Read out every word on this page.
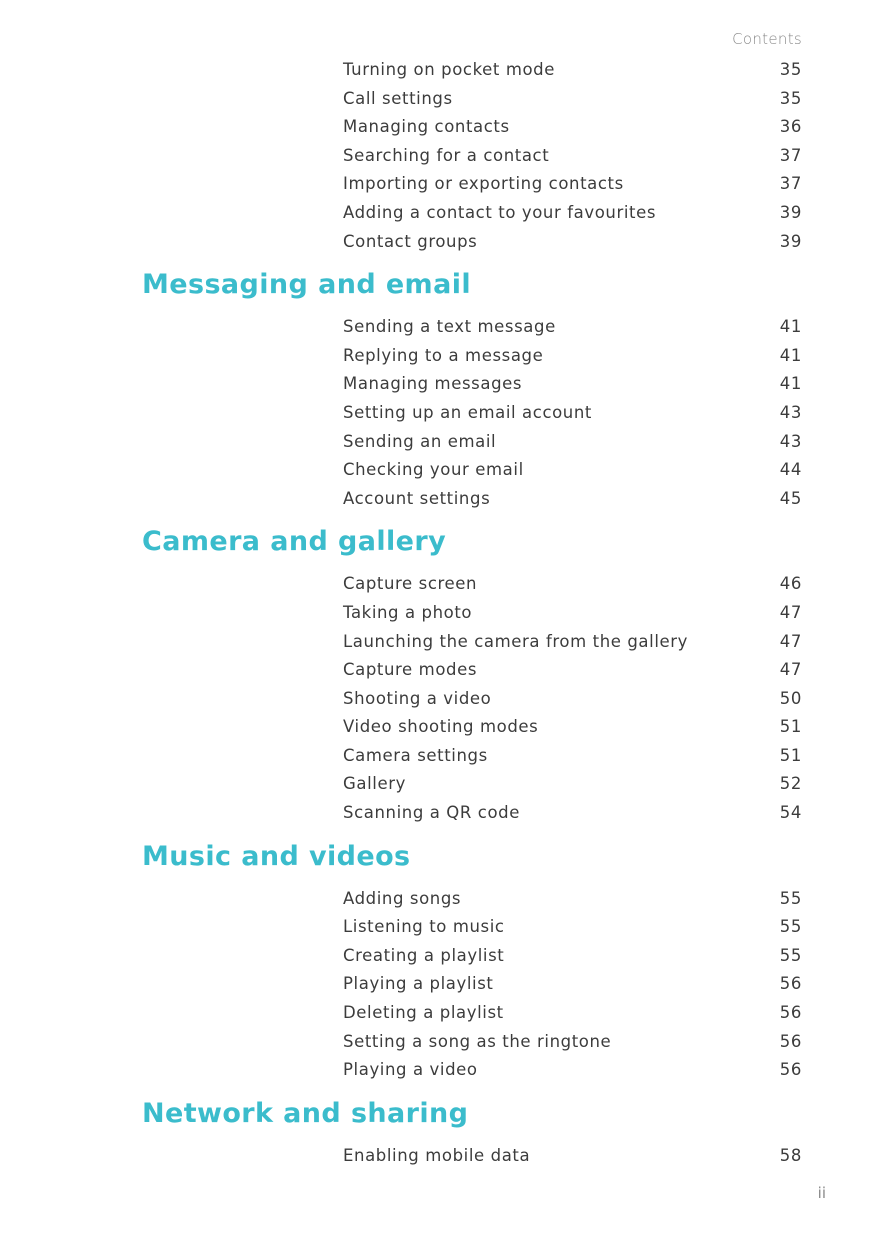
Contents
Turning on pocket mode	35
Call settings	35
Managing contacts	36
Searching for a contact	37
Importing or exporting contacts	37
Adding a contact to your favourites	39
Contact groups	39
Messaging and email
Sending a text message	41
Replying to a message	41
Managing messages	41
Setting up an email account	43
Sending an email	43
Checking your email	44
Account settings	45
Camera and gallery
Capture screen	46
Taking a photo	47
Launching the camera from the gallery	47
Capture modes	47
Shooting a video	50
Video shooting modes	51
Camera settings	51
Gallery	52
Scanning a QR code	54
Music and videos
Adding songs	55
Listening to music	55
Creating a playlist	55
Playing a playlist	56
Deleting a playlist	56
Setting a song as the ringtone	56
Playing a video	56
Network and sharing
Enabling mobile data	58
ii
